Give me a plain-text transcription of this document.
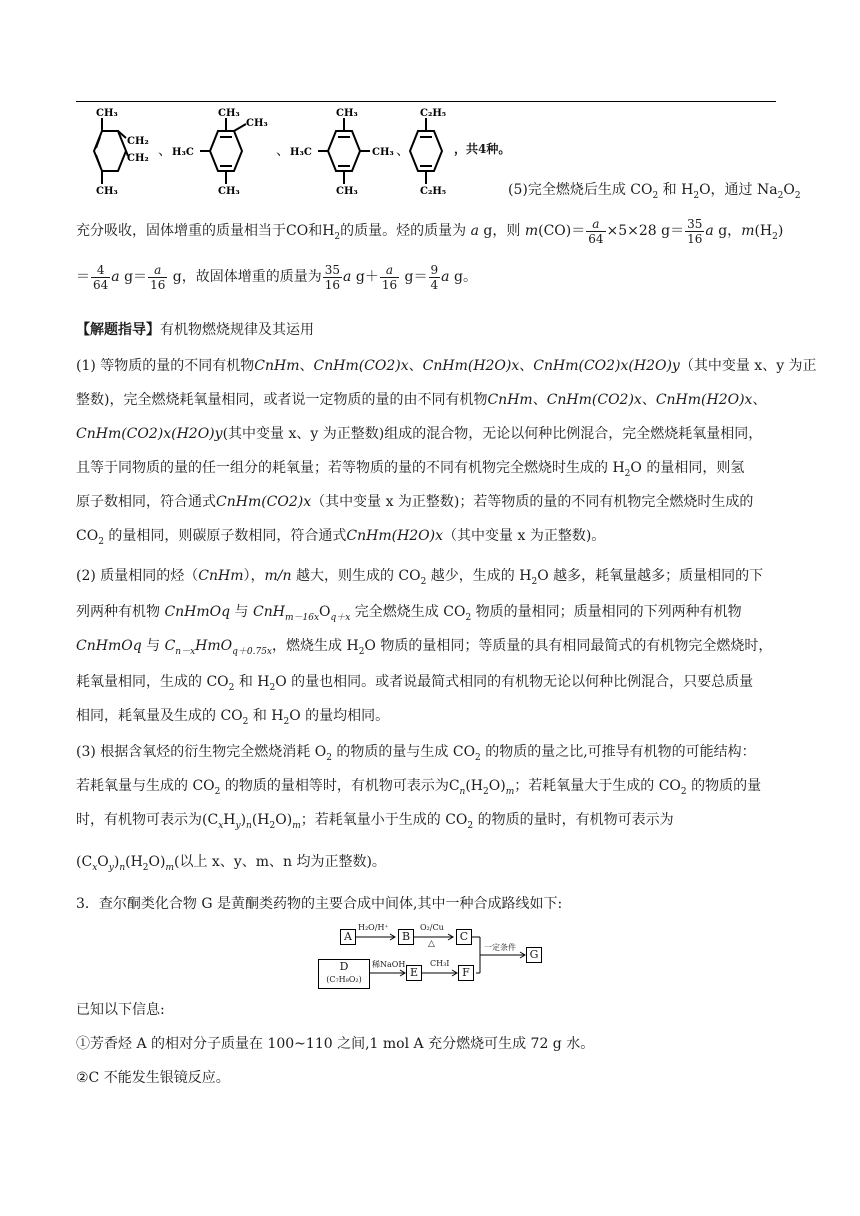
CH₃
CH₂
CH₂
CH₃
、
CH₃
CH₃
H₃C
CH₃
、
CH₃
H₃C	CH₃
CH₃
、
C₂H₅
C₂H₅
，共4种。
(5)完全燃烧后生成 $CO_2$ 和 $H_2O$，通过 $Na_2O_2$
充分吸收，固体增重的质量相当于CO和$H_2$的质量。烃的质量为 a g，则 $m(CO)= \frac{a}{64} \times 5\times 28$ $g= \frac{35}{16}$ a g，$m(H_2)$
＝ $\frac{4}{64}$ a $g= \frac{a}{16}$ g，故固体增重的质量为 $\frac{35}{16}$ a $g+ \frac{a}{16} g= \frac{9}{4}$ a g。
【解题指导】有机物燃烧规律及其运用
(1) 等物质的量的不同有机物CnHm、CnHm(CO2)x、CnHm(H2O)x、CnHm(CO2)x(H2O)y（其中变量 x、y 为正
整数)，完全燃烧耗氧量相同，或者说一定物质的量的由不同有机物CnHm、CnHm(CO2)x、CnHm(H2O)x、
CnHm(CO2)x(H2O)y(其中变量 x、y 为正整数)组成的混合物，无论以何种比例混合，完全燃烧耗氧量相同，
且等于同物质的量的任一组分的耗氧量；若等物质的量的不同有机物完全燃烧时生成的 $H_2O$ 的量相同，则氢
原子数相同，符合通式CnHm(CO2)x（其中变量 x 为正整数)；若等物质的量的不同有机物完全燃烧时生成的
$CO_2$ 的量相同，则碳原子数相同，符合通式CnHm(H2O)x（其中变量 x 为正整数)。
(2) 质量相同的烃（CnHm），m/n 越大，则生成的 $CO_2$ 越少，生成的 $H_2O$ 越多，耗氧量越多；质量相同的下
列两种有机物 CnHmOq 与 $CnH_{m-16x}O_{q+x}$ 完全燃烧生成 $CO_2$ 物质的量相同；质量相同的下列两种有机物
CnHmOq 与 $C_{n-x}HmO_{q+0.75x}$，燃烧生成 $H_2O$ 物质的量相同；等质量的具有相同最简式的有机物完全燃烧时，
耗氧量相同，生成的 $CO_2$ 和 $H_2O$ 的量也相同。或者说最简式相同的有机物无论以何种比例混合，只要总质量
相同，耗氧量及生成的 $CO_2$ 和 $H_2O$ 的量均相同。
(3) 根据含氧烃的衍生物完全燃烧消耗 $O_2$ 的物质的量与生成 $CO_2$ 的物质的量之比,可推导有机物的可能结构：
若耗氧量与生成的 $CO_2$ 的物质的量相等时，有机物可表示为$C_n(H_2O)_m$；若耗氧量大于生成的 $CO_2$ 的物质的量
时，有机物可表示为$(C_xH_y)_n(H_2O)_m$；若耗氧量小于生成的 $CO_2$ 的物质的量时，有机物可表示为
$(C_xO_y)_n(H_2O)_m$(以上 x、y、m、n 均为正整数)。
3．查尔酮类化合物 G 是黄酮类药物的主要合成中间体,其中一种合成路线如下:
A	B	C
D
(C₇H₈O₂)
E	F
G
H₂O/H⁺	O₂/Cu
△
稀NaOH	CH₃I
一定条件
已知以下信息:
①芳香烃 A 的相对分子质量在 100~110 之间,1 mol A 充分燃烧可生成 72 g 水。
②C 不能发生银镜反应。
